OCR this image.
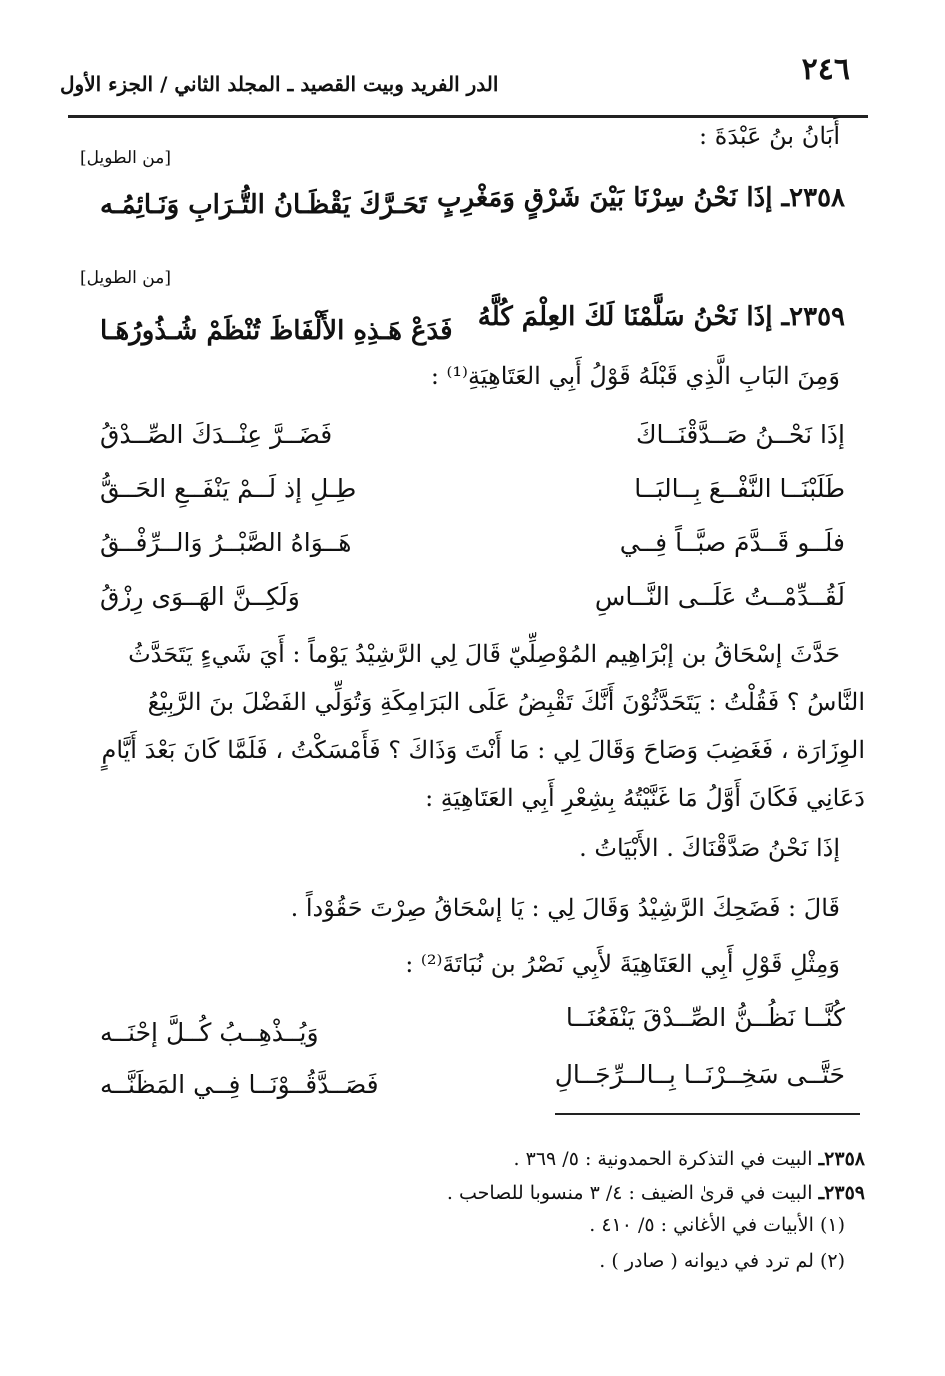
٢٤٦
الدر الفريد وبيت القصيد ـ المجلد الثاني / الجزء الأول
أَبَانُ بنُ عَبْدَةَ :
[من الطويل]
٢٣٥٨ـ إذَا نَحْنُ سِرْنَا بَيْنَ شَرْقٍ وَمَغْرِبٍ
تَحَـرَّكَ يَقْظَـانُ التُّـرَابِ وَنَـائِمُـه
[من الطويل]
٢٣٥٩ـ إذَا نَحْنُ سَلَّمْنَا لَكَ العِلْمَ كُلَّهُ
فَدَعْ هَـذِهِ الأَلْفَاظَ تُنْظَمْ شُـذُورُهَـا
وَمِنَ البَابِ الَّذِي قَبْلَهُ قَوْلُ أَبِي العَتَاهِيَةِ⁽¹⁾ :
إذَا نَحْــنُ صَــدَّقْنَــاكَ
فَضَــرَّ عِنْــدَكَ الصِّــدْقُ
طَلَبْنَــا النَّفْــعَ بِــالبَــا
طِـلِ إذ لَــمْ يَنْفَــعِ الحَــقُّ
فلَــو قَــدَّمَ صبَّــاً فِــي
هَــوَاهُ الصَّبْــرُ وَالــرِّفْــقُ
لَقُــدِّمْــتُ عَلَــى النَّــاسِ
وَلَكِــنَّ الهَــوَى رِزْقُ
حَدَّثَ إسْحَاقُ بن إبْرَاهِيم المُوْصِلِّيّ قَالَ لِي الرَّشِيْدُ يَوْماً : أَيَ شَيءٍ يَتَحَدَّثُ
النَّاسُ ؟ فَقُلْتُ : يَتَحَدَّثُوْنَ أَنَّكَ تَقْبِضُ عَلَى البَرَامِكَةِ وَتُوَلِّي الفَضْلَ بنَ الرَّبِيْعُ
الوِزَارَة ، فَغَضِبَ وَصَاحَ وَقَالَ لِي : مَا أَنْتَ وَذَاكَ ؟ فَأَمْسَكْتُ ، فَلَمَّا كَانَ بَعْدَ أَيَّامٍ
دَعَانِي فَكَانَ أَوَّلُ مَا غَنَّيْتُهُ بِشِعْرِ أَبِي العَتَاهِيَةِ :
إذَا نَحْنُ صَدَّقْنَاكَ . الأَبْيَاتُ .
قَالَ : فَضَحِكَ الرَّشِيْدُ وَقَالَ لِي : يَا إسْحَاقُ صِرْتَ حَقُوْداً .
وَمِثْلِ قَوْلِ أَبِي العَتَاهِيَةَ لأَبِي نَصْرُ بن نُبَاتَةَ⁽²⁾ :
كُنَّــا نَظُــنُّ الصِّــدْقَ يَنْفَعُنَــا
وَيُــذْهِــبُ كُــلَّ إحْنَــه
حَتَّــى سَخِــرْنَــا بِــالــرِّجَــالِ
فَصَــدَّقُــوْنَــا فِــي المَظَنَّــه
٢٣٥٨ـ البيت في التذكرة الحمدونية : ٥/ ٣٦٩ .
٢٣٥٩ـ البيت في قرىٰ الضيف : ٤/ ٣ منسوبا للصاحب .
(١) الأبيات في الأغاني : ٥/ ٤١٠ .
(٢) لم ترد في ديوانه ( صادر ) .
